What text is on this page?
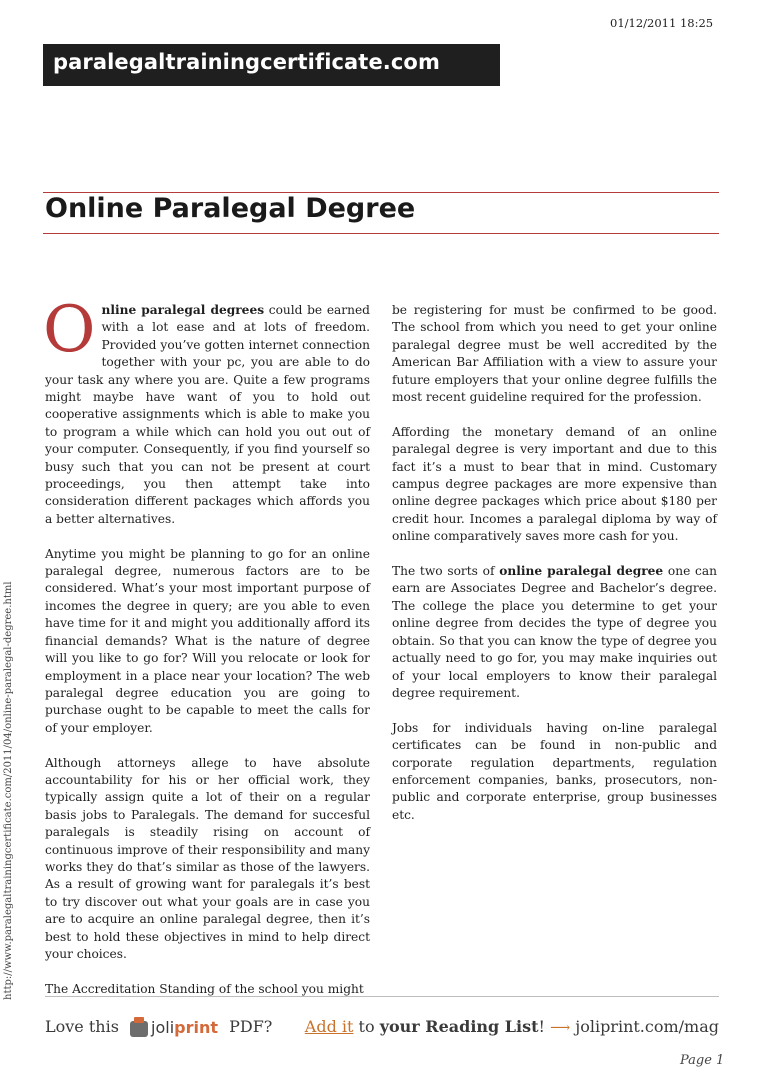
paralegaltrainingcertificate.com
01/12/2011 18:25
Online Paralegal Degree
http://www.paralegaltrainingcertificate.com/2011/04/online-paralegal-degree.html

Online paralegal degrees could be earned with a lot ease and at lots of freedom. Provided you’ve gotten internet connection together with your pc, you are able to do your task any where you are. Quite a few programs might maybe have want of you to hold out cooperative assignments which is able to make you to program a while which can hold you out out of your computer. Consequently, if you find yourself so busy such that you can not be present at court proceedings, you then attempt take into consideration different packages which affords you a better alternatives.

Anytime you might be planning to go for an online paralegal degree, numerous factors are to be considered. What’s your most important purpose of incomes the degree in query; are you able to even have time for it and might you additionally afford its financial demands? What is the nature of degree will you like to go for? Will you relocate or look for employment in a place near your location? The web paralegal degree education you are going to purchase ought to be capable to meet the calls for of your employer.

Although attorneys allege to have absolute accountability for his or her official work, they typically assign quite a lot of their on a regular basis jobs to Paralegals. The demand for succesful paralegals is steadily rising on account of continuous improve of their responsibility and many works they do that’s similar as those of the lawyers. As a result of growing want for paralegals it’s best to try discover out what your goals are in case you are to acquire an online paralegal degree, then it’s best to hold these objectives in mind to help direct your choices.

The Accreditation Standing of the school you might

be registering for must be confirmed to be good. The school from which you need to get your online paralegal degree must be well accredited by the American Bar Affiliation with a view to assure your future employers that your online degree fulfills the most recent guideline required for the profession.

Affording the monetary demand of an online paralegal degree is very important and due to this fact it’s a must to bear that in mind. Customary campus degree packages are more expensive than online degree packages which price about $180 per credit hour. Incomes a paralegal diploma by way of online comparatively saves more cash for you.

The two sorts of online paralegal degree one can earn are Associates Degree and Bachelor’s degree. The college the place you determine to get your online degree from decides the type of degree you obtain. So that you can know the type of degree you actually need to go for, you may make inquiries out of your local employers to know their paralegal degree requirement.

Jobs for individuals having on-line paralegal certificates can be found in non-public and corporate regulation departments, regulation enforcement companies, banks, prosecutors, non-public and corporate enterprise, group businesses etc.

Love this joliprint PDF? Add it to your Reading List! ⟶ joliprint.com/mag
Page 1
